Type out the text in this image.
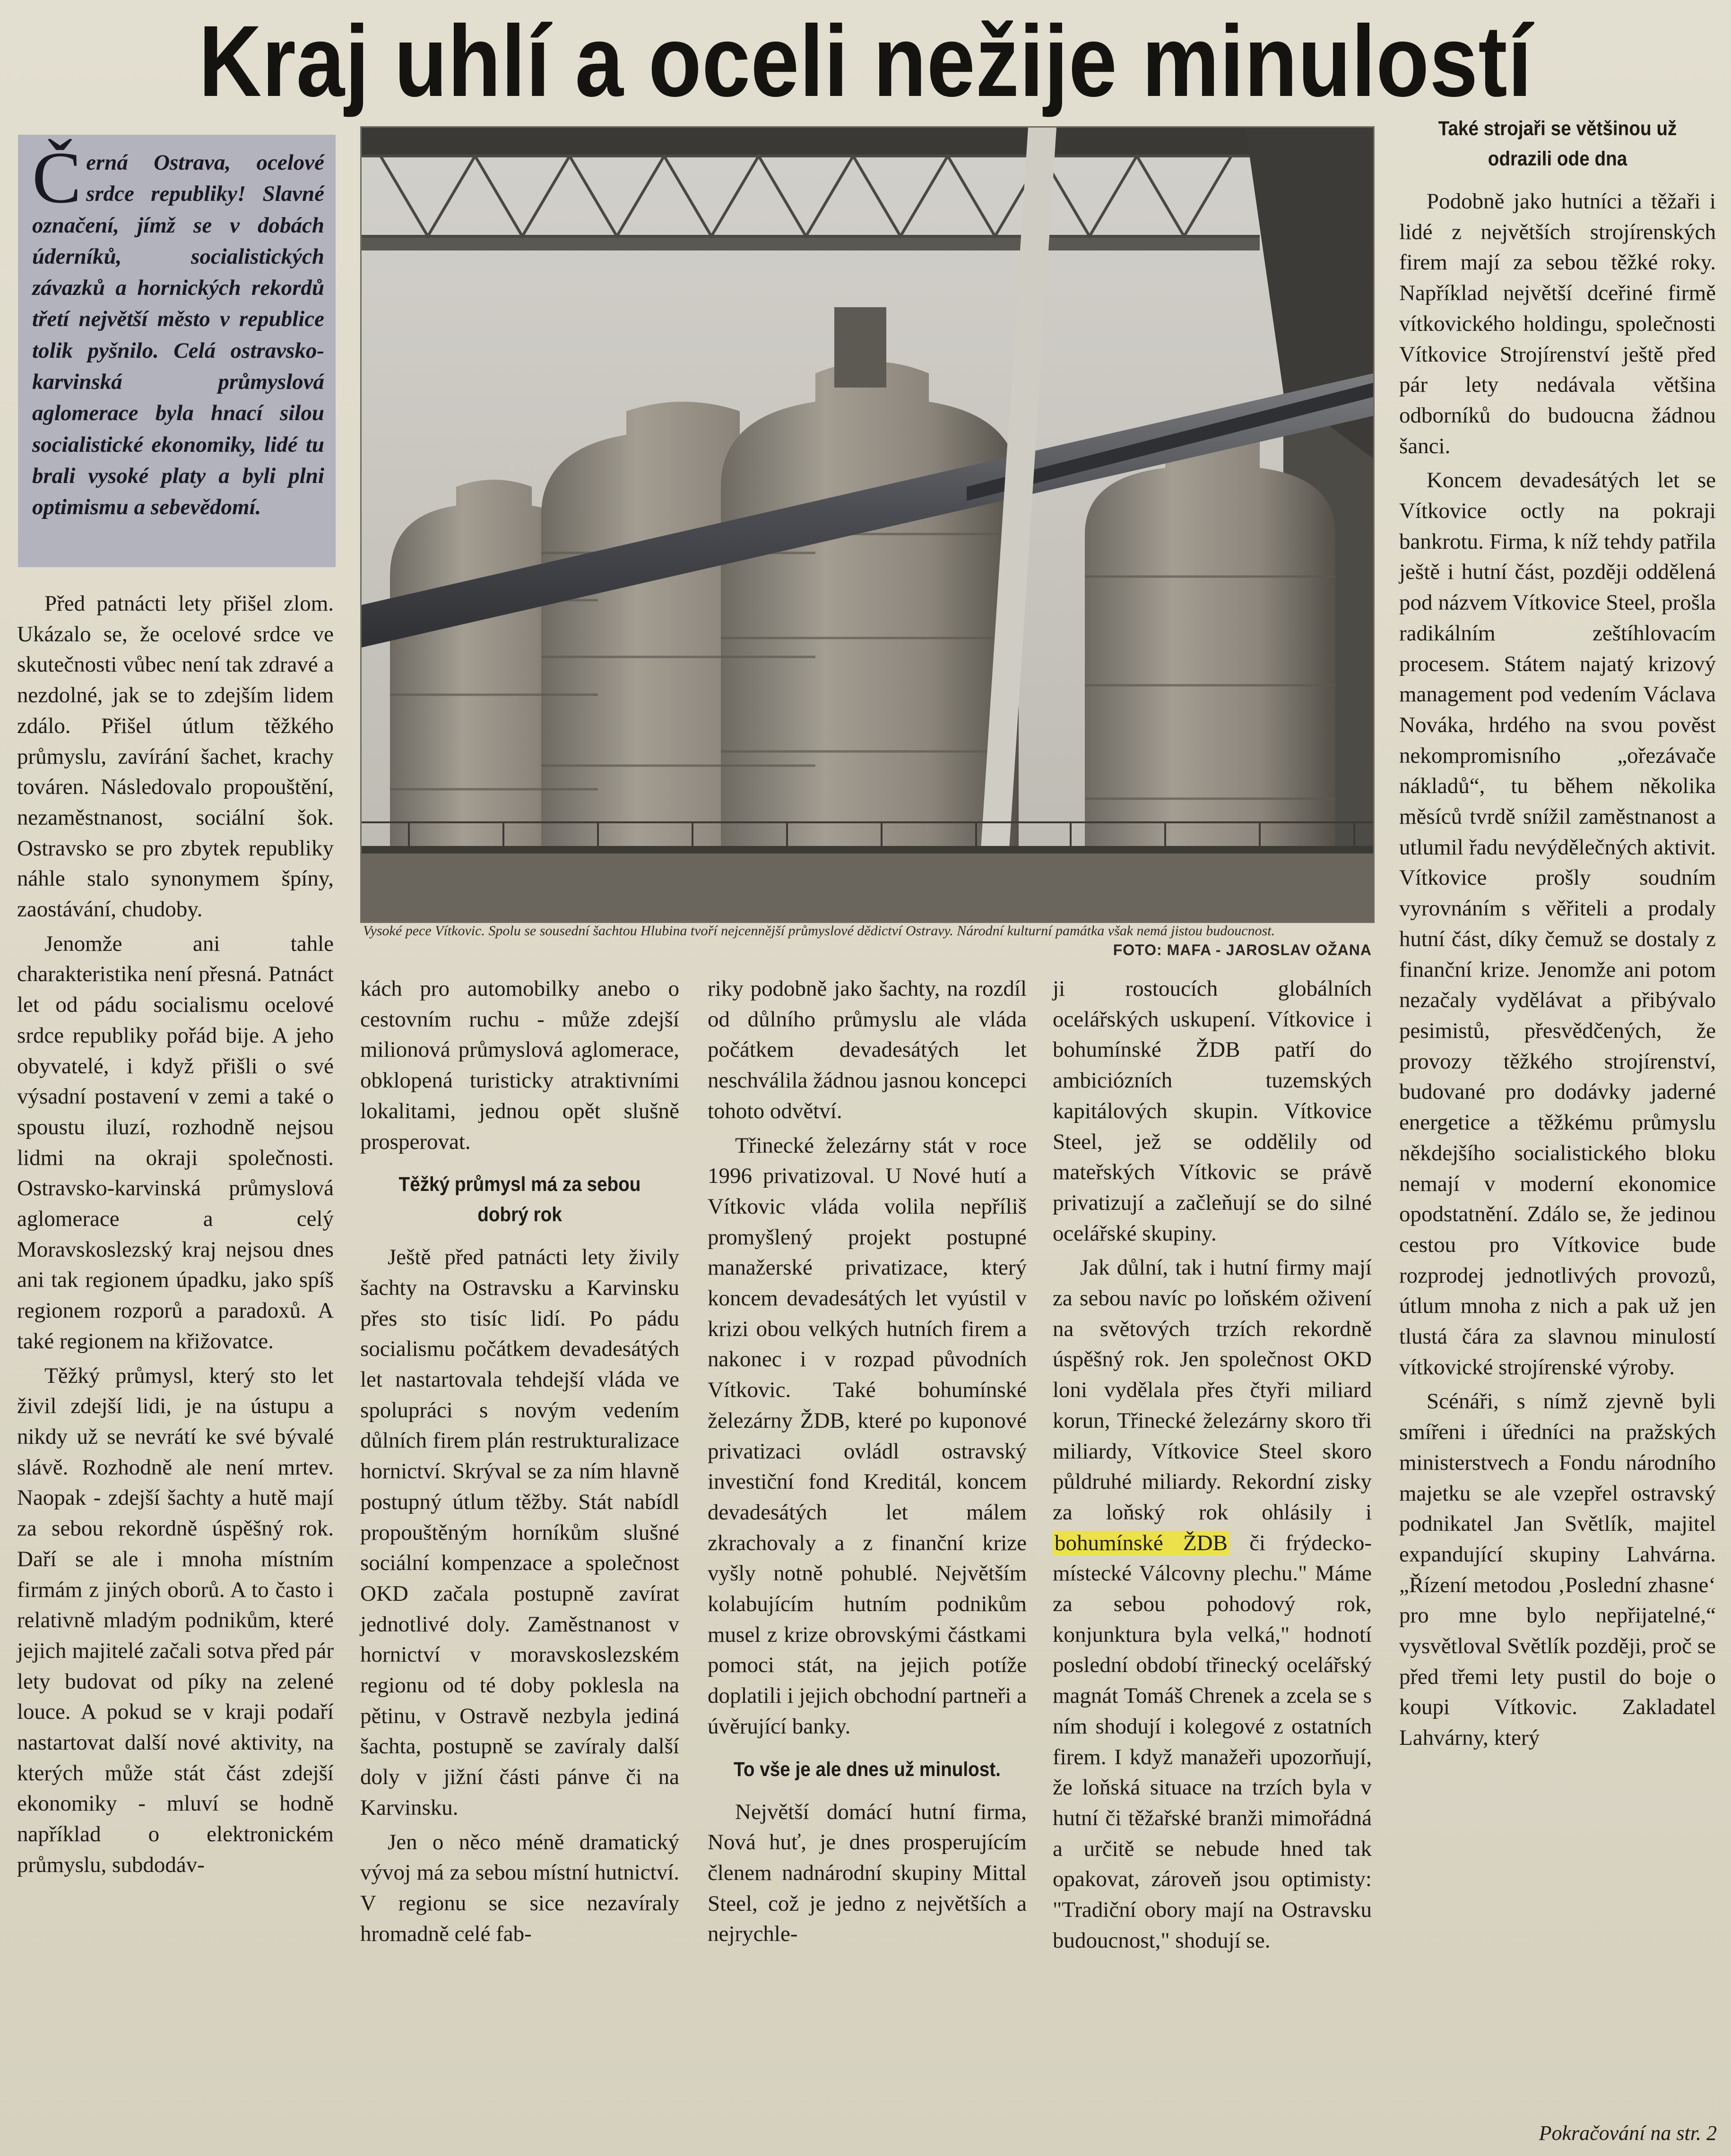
Kraj uhlí a oceli nežije minulostí

Černá Ostrava, ocelové srdce republiky! Slavné označení, jímž se v dobách úderníků, socialistických závazků a hornických rekordů třetí největší město v republice tolik pyšnilo. Celá ostravsko-karvinská průmyslová aglomerace byla hnací silou socialistické ekonomiky, lidé tu brali vysoké platy a byli plni optimismu a sebevědomí.

Vysoké pece Vítkovic. Spolu se sousední šachtou Hlubina tvoří nejcennější průmyslové dědictví Ostravy. Národní kulturní památka však nemá jistou budoucnost.
FOTO: MAFA - JAROSLAV OŽANA

Před patnácti lety přišel zlom. Ukázalo se, že ocelové srdce ve skutečnosti vůbec není tak zdravé a nezdolné, jak se to zdejším lidem zdálo. Přišel útlum těžkého průmyslu, zavírání šachet, krachy továren. Následovalo propouštění, nezaměstnanost, sociální šok. Ostravsko se pro zbytek republiky náhle stalo synonymem špíny, zaostávání, chudoby.

Jenomže ani tahle charakteristika není přesná. Patnáct let od pádu socialismu ocelové srdce republiky pořád bije. A jeho obyvatelé, i když přišli o své výsadní postavení v zemi a také o spoustu iluzí, rozhodně nejsou lidmi na okraji společnosti. Ostravsko-karvinská průmyslová aglomerace a celý Moravskoslezský kraj nejsou dnes ani tak regionem úpadku, jako spíš regionem rozporů a paradoxů. A také regionem na křižovatce.

Těžký průmysl, který sto let živil zdejší lidi, je na ústupu a nikdy už se nevrátí ke své bývalé slávě. Rozhodně ale není mrtev. Naopak - zdejší šachty a hutě mají za sebou rekordně úspěšný rok. Daří se ale i mnoha místním firmám z jiných oborů. A to často i relativně mladým podnikům, které jejich majitelé začali sotva před pár lety budovat od píky na zelené louce. A pokud se v kraji podaří nastartovat další nové aktivity, na kterých může stát část zdejší ekonomiky - mluví se hodně například o elektronickém průmyslu, subdodáv-

kách pro automobilky anebo o cestovním ruchu - může zdejší milionová průmyslová aglomerace, obklopená turisticky atraktivními lokalitami, jednou opět slušně prosperovat.

Těžký průmysl má za sebou dobrý rok

Ještě před patnácti lety živily šachty na Ostravsku a Karvinsku přes sto tisíc lidí. Po pádu socialismu počátkem devadesátých let nastartovala tehdejší vláda ve spolupráci s novým vedením důlních firem plán restrukturalizace hornictví. Skrýval se za ním hlavně postupný útlum těžby. Stát nabídl propouštěným horníkům slušné sociální kompenzace a společnost OKD začala postupně zavírat jednotlivé doly. Zaměstnanost v hornictví v moravskoslezském regionu od té doby poklesla na pětinu, v Ostravě nezbyla jediná šachta, postupně se zavíraly další doly v jižní části pánve či na Karvinsku.

Jen o něco méně dramatický vývoj má za sebou místní hutnictví. V regionu se sice nezavíraly hromadně celé fab-

riky podobně jako šachty, na rozdíl od důlního průmyslu ale vláda počátkem devadesátých let neschválila žádnou jasnou koncepci tohoto odvětví.

Třinecké železárny stát v roce 1996 privatizoval. U Nové hutí a Vítkovic vláda volila nepříliš promyšlený projekt postupné manažerské privatizace, který koncem devadesátých let vyústil v krizi obou velkých hutních firem a nakonec i v rozpad původních Vítkovic. Také bohumínské železárny ŽDB, které po kuponové privatizaci ovládl ostravský investiční fond Kreditál, koncem devadesátých let málem zkrachovaly a z finanční krize vyšly notně pohublé. Největším kolabujícím hutním podnikům musel z krize obrovskými částkami pomoci stát, na jejich potíže doplatili i jejich obchodní partneři a úvěrující banky.

To vše je ale dnes už minulost.

Největší domácí hutní firma, Nová huť, je dnes prosperujícím členem nadnárodní skupiny Mittal Steel, což je jedno z největších a nejrychle-

ji rostoucích globálních ocelářských uskupení. Vítkovice i bohumínské ŽDB patří do ambiciózních tuzemských kapitálových skupin. Vítkovice Steel, jež se oddělily od mateřských Vítkovic se právě privatizují a začleňují se do silné ocelářské skupiny.

Jak důlní, tak i hutní firmy mají za sebou navíc po loňském oživení na světových trzích rekordně úspěšný rok. Jen společnost OKD loni vydělala přes čtyři miliard korun, Třinecké železárny skoro tři miliardy, Vítkovice Steel skoro půldruhé miliardy. Rekordní zisky za loňský rok ohlásily i bohumínské ŽDB či frýdecko-místecké Válcovny plechu." Máme za sebou pohodový rok, konjunktura byla velká," hodnotí poslední období třinecký ocelářský magnát Tomáš Chrenek a zcela se s ním shodují i kolegové z ostatních firem. I když manažeři upozorňují, že loňská situace na trzích byla v hutní či těžařské branži mimořádná a určitě se nebude hned tak opakovat, zároveň jsou optimisty: "Tradiční obory mají na Ostravsku budoucnost," shodují se.

Také strojaři se většinou už odrazili ode dna

Podobně jako hutníci a těžaři i lidé z největších strojírenských firem mají za sebou těžké roky. Například největší dceřiné firmě vítkovického holdingu, společnosti Vítkovice Strojírenství ještě před pár lety nedávala většina odborníků do budoucna žádnou šanci.

Koncem devadesátých let se Vítkovice octly na pokraji bankrotu. Firma, k níž tehdy patřila ještě i hutní část, později oddělená pod názvem Vítkovice Steel, prošla radikálním zeštíhlovacím procesem. Státem najatý krizový management pod vedením Václava Nováka, hrdého na svou pověst nekompromisního „ořezávače nákladů“, tu během několika měsíců tvrdě snížil zaměstnanost a utlumil řadu nevýdělečných aktivit. Vítkovice prošly soudním vyrovnáním s věřiteli a prodaly hutní část, díky čemuž se dostaly z finanční krize. Jenomže ani potom nezačaly vydělávat a přibývalo pesimistů, přesvědčených, že provozy těžkého strojírenství, budované pro dodávky jaderné energetice a těžkému průmyslu někdejšího socialistického bloku nemají v moderní ekonomice opodstatnění. Zdálo se, že jedinou cestou pro Vítkovice bude rozprodej jednotlivých provozů, útlum mnoha z nich a pak už jen tlustá čára za slavnou minulostí vítkovické strojírenské výroby.

Scénáři, s nímž zjevně byli smířeni i úředníci na pražských ministerstvech a Fondu národního majetku se ale vzepřel ostravský podnikatel Jan Světlík, majitel expandující skupiny Lahvárna. „Řízení metodou ‚Poslední zhasne‘ pro mne bylo nepřijatelné,“ vysvětloval Světlík později, proč se před třemi lety pustil do boje o koupi Vítkovic. Zakladatel Lahvárny, který

Pokračování na str. 2
